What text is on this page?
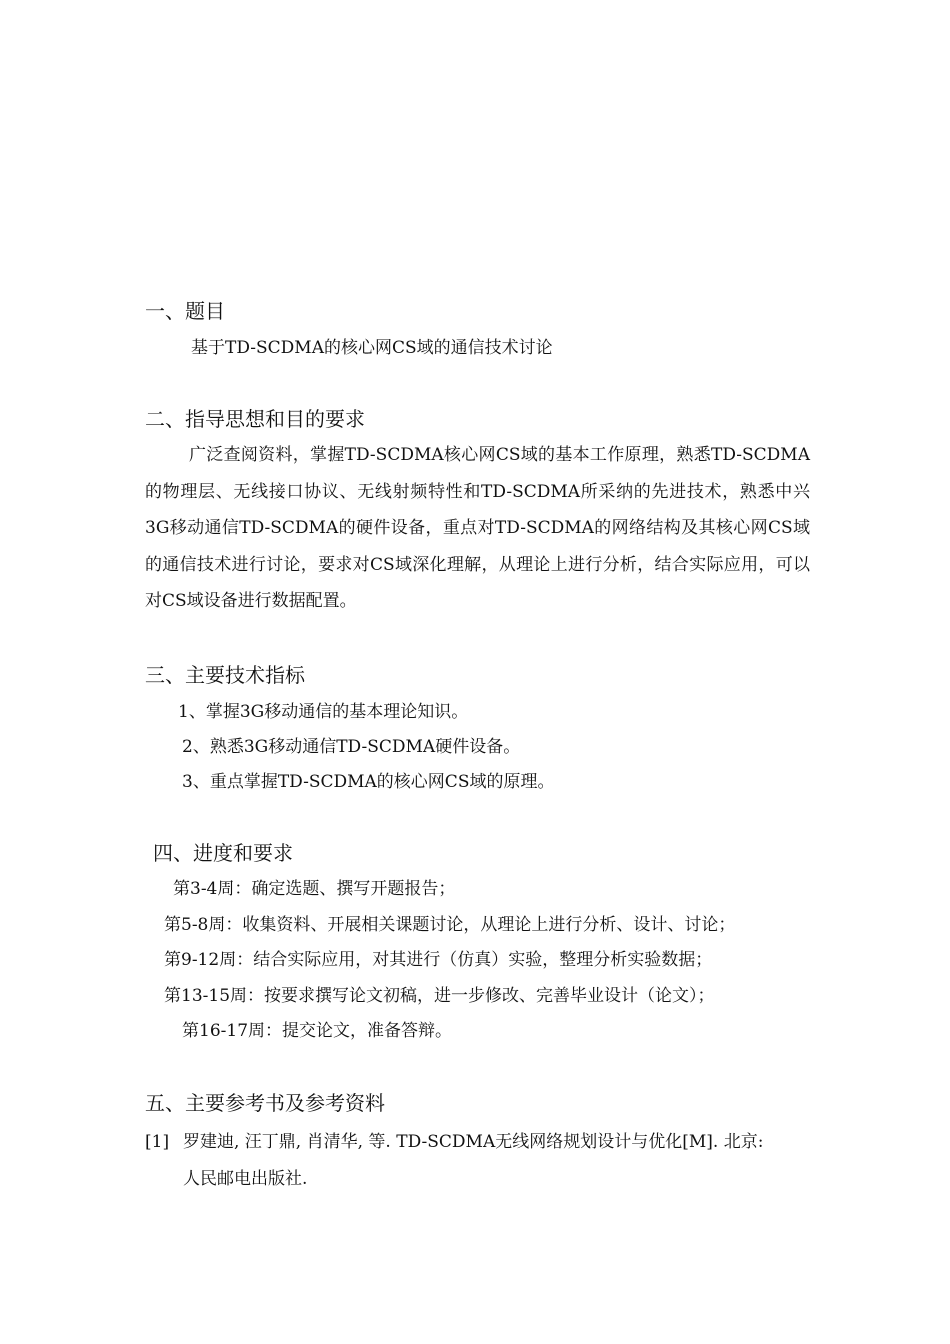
一、题目
基于TD-SCDMA的核心网CS域的通信技术讨论
二、指导思想和目的要求
广泛查阅资料，掌握TD-SCDMA核心网CS域的基本工作原理，熟悉TD-SCDMA的物理层、无线接口协议、无线射频特性和TD-SCDMA所采纳的先进技术，熟悉中兴3G移动通信TD-SCDMA的硬件设备，重点对TD-SCDMA的网络结构及其核心网CS域的通信技术进行讨论，要求对CS域深化理解，从理论上进行分析，结合实际应用，可以对CS域设备进行数据配置。
三、主要技术指标
1、掌握3G移动通信的基本理论知识。
2、熟悉3G移动通信TD-SCDMA硬件设备。
3、重点掌握TD-SCDMA的核心网CS域的原理。
四、进度和要求
第3-4周：确定选题、撰写开题报告；
第5-8周：收集资料、开展相关课题讨论，从理论上进行分析、设计、讨论；
第9-12周：结合实际应用，对其进行（仿真）实验，整理分析实验数据；
第13-15周：按要求撰写论文初稿，进一步修改、完善毕业设计（论文）；
第16-17周：提交论文，准备答辩。
五、主要参考书及参考资料
[1] 罗建迪, 汪丁鼎, 肖清华, 等. TD-SCDMA无线网络规划设计与优化[M]. 北京:
人民邮电出版社.
